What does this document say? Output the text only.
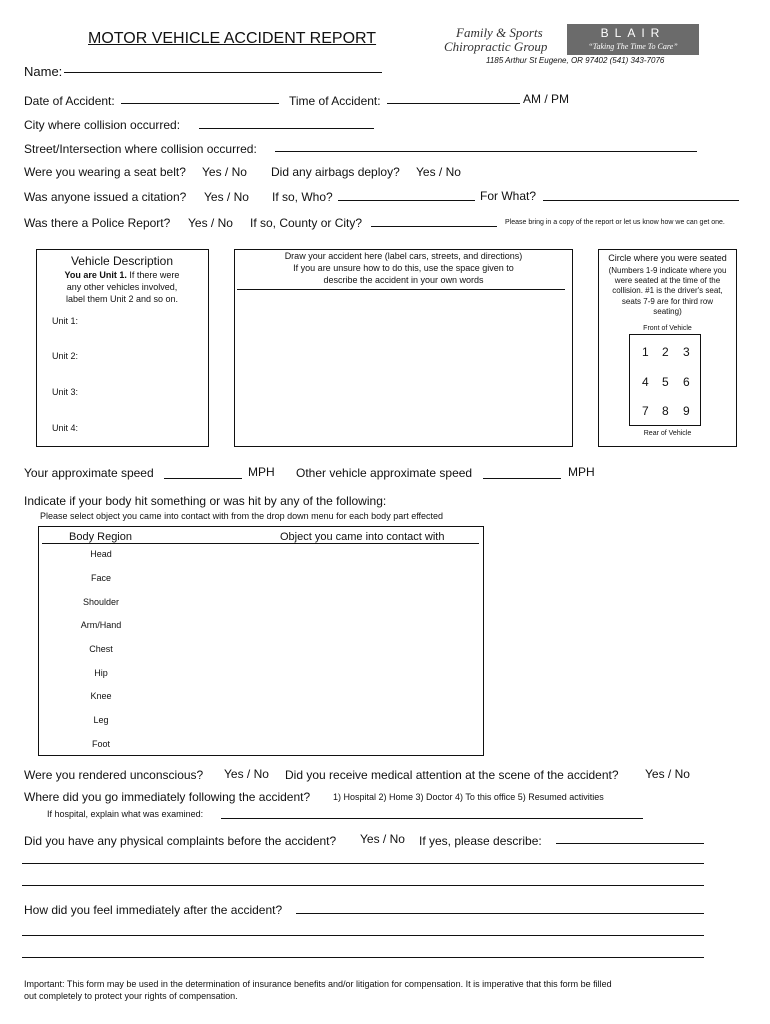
MOTOR VEHICLE ACCIDENT REPORT	Family & Sports
Chiropractic Group
BLAIR
“Taking The Time To Care”
1185 Arthur St Eugene, OR 97402 (541) 343-7076
Name:
Date of Accident:	Time of Accident:	AM / PM
City where collision occurred:
Street/Intersection where collision occurred:
Were you wearing a seat belt? Yes / No Did any airbags deploy? Yes / No
Was anyone issued a citation? Yes / No If so, Who?	For What?
Was there a Police Report? Yes / No If so, County or City?	Please bring in a copy of the report or let us know how we can get one.
Vehicle Description
You are Unit 1. If there were
any other vehicles involved,
label them Unit 2 and so on.
Unit 1:
Unit 2:
Unit 3:
Unit 4:
Draw your accident here (label cars, streets, and directions)
If you are unsure how to do this, use the space given to
describe the accident in your own words
Circle where you were seated
(Numbers 1-9 indicate where you
were seated at the time of the
collision. #1 is the driver's seat,
seats 7-9 are for third row
seating)
Front of Vehicle
1 2 3
4 5 6
7 8 9
Rear of Vehicle
Your approximate speed	MPH Other vehicle approximate speed	MPH
Indicate if your body hit something or was hit by any of the following:
Please select object you came into contact with from the drop down menu for each body part effected
Body Region	Object you came into contact with
Head
Face
Shoulder
Arm/Hand
Chest
Hip
Knee
Leg
Foot
Were you rendered unconscious? Yes / No Did you receive medical attention at the scene of the accident? Yes / No
Where did you go immediately following the accident?	1) Hospital 2) Home 3) Doctor 4) To this office 5) Resumed activities
If hospital, explain what was examined:
Did you have any physical complaints before the accident? Yes / No If yes, please describe:
How did you feel immediately after the accident?
Important: This form may be used in the determination of insurance benefits and/or litigation for compensation. It is imperative that this form be filled
out completely to protect your rights of compensation.
